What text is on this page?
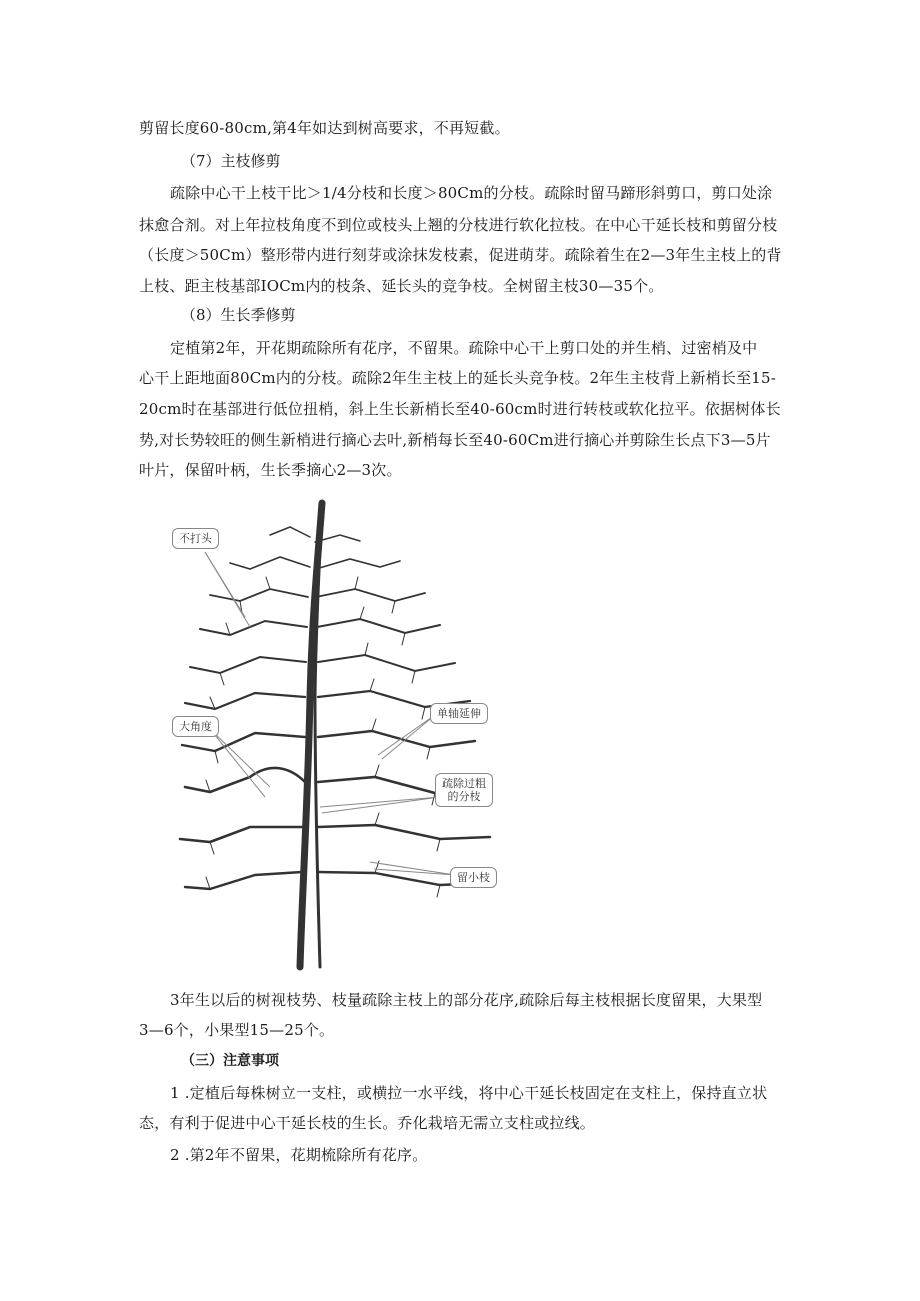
剪留长度60-80cm,第4年如达到树高要求，不再短截。
（7）主枝修剪
疏除中心干上枝干比＞1/4分枝和长度＞80Cm的分枝。疏除时留马蹄形斜剪口，剪口处涂
抹愈合剂。对上年拉枝角度不到位或枝头上翘的分枝进行软化拉枝。在中心干延长枝和剪留分枝
（长度＞50Cm）整形带内进行刻芽或涂抹发枝素，促进萌芽。疏除着生在2—3年生主枝上的背
上枝、距主枝基部IOCm内的枝条、延长头的竞争枝。全树留主枝30—35个。
（8）生长季修剪
定植第2年，开花期疏除所有花序，不留果。疏除中心干上剪口处的并生梢、过密梢及中
心干上距地面80Cm内的分枝。疏除2年生主枝上的延长头竞争枝。2年生主枝背上新梢长至15-
20cm时在基部进行低位扭梢，斜上生长新梢长至40-60cm时进行转枝或软化拉平。依据树体长
势,对长势较旺的侧生新梢进行摘心去叶,新梢每长至40-60Cm进行摘心并剪除生长点下3—5片
叶片，保留叶柄，生长季摘心2—3次。
不打头
大角度
单轴延伸
疏除过粗
的分枝
留小枝
3年生以后的树视枝势、枝量疏除主枝上的部分花序,疏除后每主枝根据长度留果，大果型
3—6个，小果型15—25个。
（三）注意事项
1 .定植后每株树立一支柱，或横拉一水平线，将中心干延长枝固定在支柱上，保持直立状
态，有利于促进中心干延长枝的生长。乔化栽培无需立支柱或拉线。
2 .第2年不留果，花期梳除所有花序。
